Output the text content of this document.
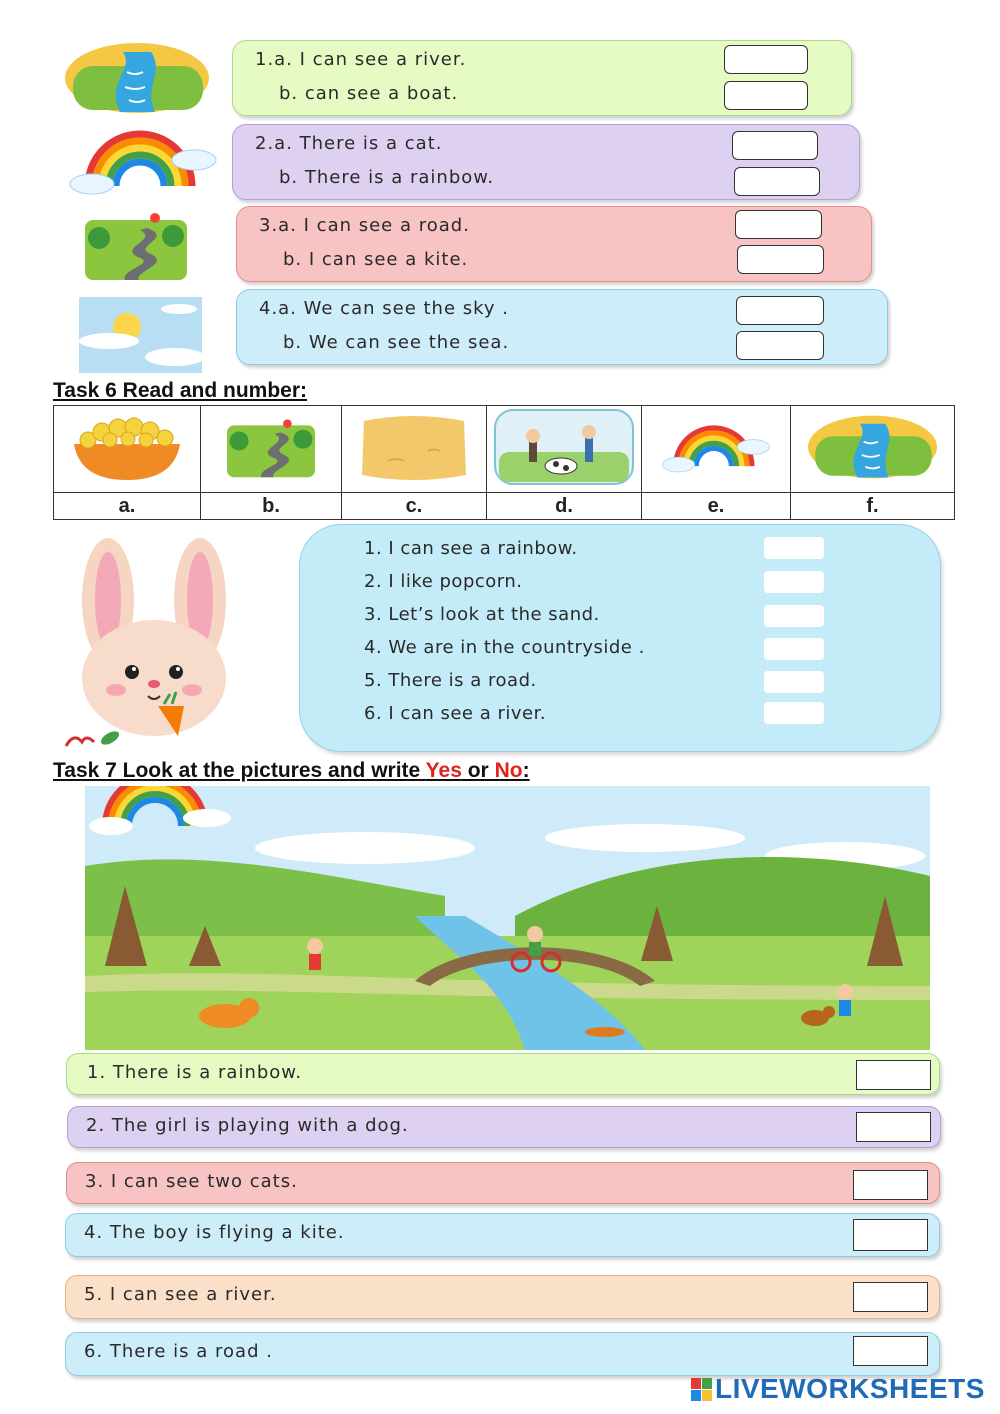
1.a. I can see a river.
b. can see a boat.
2.a. There is a cat.
b. There is a rainbow.
3.a. I can see a road.
b. I can see a kite.
4.a. We can see the sky .
b. We can see the sea.
Task 6 Read and number:

a.	b.	c.	d.	e.	f.
1. I can see a rainbow.
2. I like popcorn.
3. Let’s look at the sand.
4. We are in the countryside .
5. There is a road.
6. I can see a river.
Task 7 Look at the pictures and write Yes or No:
1. There is a rainbow.
2. The girl is playing with a dog.
3. I can see two cats.
4. The boy is flying a kite.
5. I can see a river.
6. There is a road .
LIVEWORKSHEETS
